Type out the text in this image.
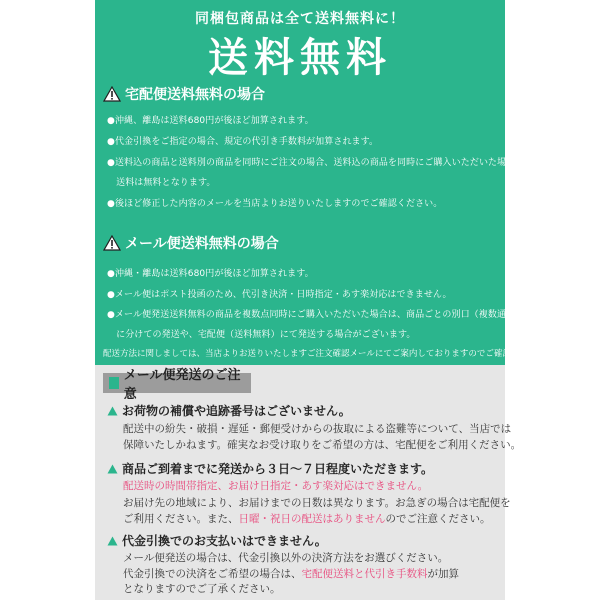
同梱包商品は全て送料無料に！
送料無料
宅配便送料無料の場合
●沖縄、離島は送料680円が後ほど加算されます。
●代金引換をご指定の場合、規定の代引き手数料が加算されます。
●送料込の商品と送料別の商品を同時にご注文の場合、送料込の商品を同時にご購入いただいた場合、
　送料は無料となります。
●後ほど修正した内容のメールを当店よりお送りいたしますのでご確認ください。
メール便送料無料の場合
●沖縄・離島は送料680円が後ほど加算されます。
●メール便はポスト投函のため、代引き決済・日時指定・あす楽対応はできません。
●メール便発送送料無料の商品を複数点同時にご購入いただいた場合は、商品ごとの別口（複数通）
　に分けての発送や、宅配便（送料無料）にて発送する場合がございます。
配送方法に関しましては、当店よりお送りいたしますご注文確認メールにてご案内しておりますのでご確認ください。
メール便発送のご注意
お荷物の補償や追跡番号はございません。
配送中の紛失・破損・遅延・郵便受けからの抜取による盗難等について、当店では
保障いたしかねます。確実なお受け取りをご希望の方は、宅配便をご利用ください。
商品ご到着までに発送から３日～７日程度いただきます。
配送時の時間帯指定、お届け日指定・あす楽対応はできません。
お届け先の地域により、お届けまでの日数は異なります。お急ぎの場合は宅配便を
ご利用ください。また、日曜・祝日の配送はありませんのでご注意ください。
代金引換でのお支払いはできません。
メール便発送の場合は、代金引換以外の決済方法をお選びください。
代金引換での決済をご希望の場合は、宅配便送料と代引き手数料が加算
となりますのでご了承ください。
